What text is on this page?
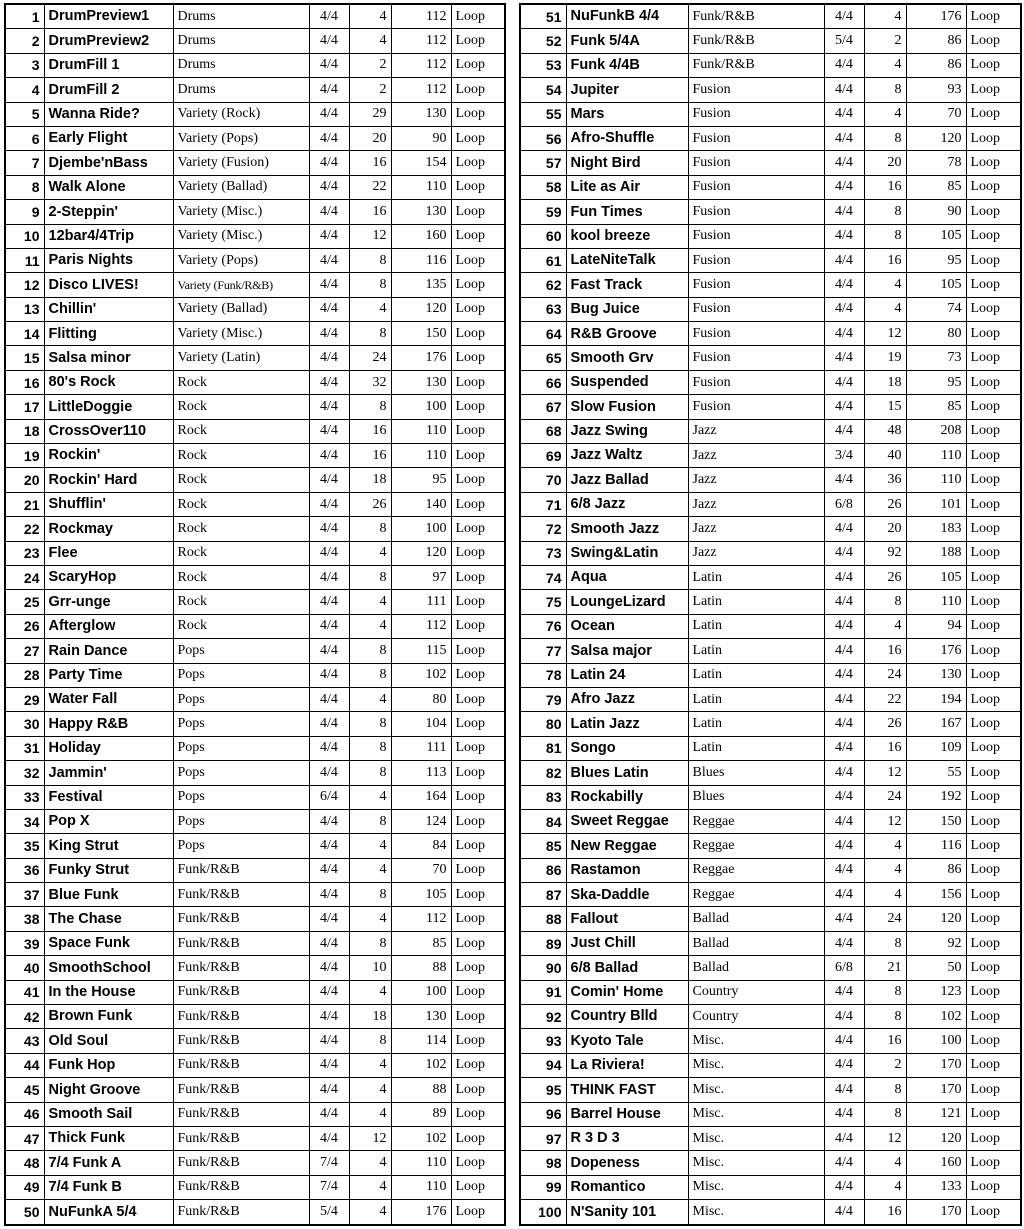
1	DrumPreview1	Drums	4/4	4	112	Loop
2	DrumPreview2	Drums	4/4	4	112	Loop
3	DrumFill 1	Drums	4/4	2	112	Loop
4	DrumFill 2	Drums	4/4	2	112	Loop
5	Wanna Ride?	Variety (Rock)	4/4	29	130	Loop
6	Early Flight	Variety (Pops)	4/4	20	90	Loop
7	Djembe'nBass	Variety (Fusion)	4/4	16	154	Loop
8	Walk Alone	Variety (Ballad)	4/4	22	110	Loop
9	2-Steppin'	Variety (Misc.)	4/4	16	130	Loop
10	12bar4/4Trip	Variety (Misc.)	4/4	12	160	Loop
11	Paris Nights	Variety (Pops)	4/4	8	116	Loop
12	Disco LIVES!	Variety (Funk/R&B)	4/4	8	135	Loop
13	Chillin'	Variety (Ballad)	4/4	4	120	Loop
14	Flitting	Variety (Misc.)	4/4	8	150	Loop
15	Salsa minor	Variety (Latin)	4/4	24	176	Loop
16	80's Rock	Rock	4/4	32	130	Loop
17	LittleDoggie	Rock	4/4	8	100	Loop
18	CrossOver110	Rock	4/4	16	110	Loop
19	Rockin'	Rock	4/4	16	110	Loop
20	Rockin' Hard	Rock	4/4	18	95	Loop
21	Shufflin'	Rock	4/4	26	140	Loop
22	Rockmay	Rock	4/4	8	100	Loop
23	Flee	Rock	4/4	4	120	Loop
24	ScaryHop	Rock	4/4	8	97	Loop
25	Grr-unge	Rock	4/4	4	111	Loop
26	Afterglow	Rock	4/4	4	112	Loop
27	Rain Dance	Pops	4/4	8	115	Loop
28	Party Time	Pops	4/4	8	102	Loop
29	Water Fall	Pops	4/4	4	80	Loop
30	Happy R&B	Pops	4/4	8	104	Loop
31	Holiday	Pops	4/4	8	111	Loop
32	Jammin'	Pops	4/4	8	113	Loop
33	Festival	Pops	6/4	4	164	Loop
34	Pop X	Pops	4/4	8	124	Loop
35	King Strut	Pops	4/4	4	84	Loop
36	Funky Strut	Funk/R&B	4/4	4	70	Loop
37	Blue Funk	Funk/R&B	4/4	8	105	Loop
38	The Chase	Funk/R&B	4/4	4	112	Loop
39	Space Funk	Funk/R&B	4/4	8	85	Loop
40	SmoothSchool	Funk/R&B	4/4	10	88	Loop
41	In the House	Funk/R&B	4/4	4	100	Loop
42	Brown Funk	Funk/R&B	4/4	18	130	Loop
43	Old Soul	Funk/R&B	4/4	8	114	Loop
44	Funk Hop	Funk/R&B	4/4	4	102	Loop
45	Night Groove	Funk/R&B	4/4	4	88	Loop
46	Smooth Sail	Funk/R&B	4/4	4	89	Loop
47	Thick Funk	Funk/R&B	4/4	12	102	Loop
48	7/4 Funk A	Funk/R&B	7/4	4	110	Loop
49	7/4 Funk B	Funk/R&B	7/4	4	110	Loop
50	NuFunkA 5/4	Funk/R&B	5/4	4	176	Loop
51	NuFunkB 4/4	Funk/R&B	4/4	4	176	Loop
52	Funk 5/4A	Funk/R&B	5/4	2	86	Loop
53	Funk 4/4B	Funk/R&B	4/4	4	86	Loop
54	Jupiter	Fusion	4/4	8	93	Loop
55	Mars	Fusion	4/4	4	70	Loop
56	Afro-Shuffle	Fusion	4/4	8	120	Loop
57	Night Bird	Fusion	4/4	20	78	Loop
58	Lite as Air	Fusion	4/4	16	85	Loop
59	Fun Times	Fusion	4/4	8	90	Loop
60	kool breeze	Fusion	4/4	8	105	Loop
61	LateNiteTalk	Fusion	4/4	16	95	Loop
62	Fast Track	Fusion	4/4	4	105	Loop
63	Bug Juice	Fusion	4/4	4	74	Loop
64	R&B Groove	Fusion	4/4	12	80	Loop
65	Smooth Grv	Fusion	4/4	19	73	Loop
66	Suspended	Fusion	4/4	18	95	Loop
67	Slow Fusion	Fusion	4/4	15	85	Loop
68	Jazz Swing	Jazz	4/4	48	208	Loop
69	Jazz Waltz	Jazz	3/4	40	110	Loop
70	Jazz Ballad	Jazz	4/4	36	110	Loop
71	6/8 Jazz	Jazz	6/8	26	101	Loop
72	Smooth Jazz	Jazz	4/4	20	183	Loop
73	Swing&Latin	Jazz	4/4	92	188	Loop
74	Aqua	Latin	4/4	26	105	Loop
75	LoungeLizard	Latin	4/4	8	110	Loop
76	Ocean	Latin	4/4	4	94	Loop
77	Salsa major	Latin	4/4	16	176	Loop
78	Latin 24	Latin	4/4	24	130	Loop
79	Afro Jazz	Latin	4/4	22	194	Loop
80	Latin Jazz	Latin	4/4	26	167	Loop
81	Songo	Latin	4/4	16	109	Loop
82	Blues Latin	Blues	4/4	12	55	Loop
83	Rockabilly	Blues	4/4	24	192	Loop
84	Sweet Reggae	Reggae	4/4	12	150	Loop
85	New Reggae	Reggae	4/4	4	116	Loop
86	Rastamon	Reggae	4/4	4	86	Loop
87	Ska-Daddle	Reggae	4/4	4	156	Loop
88	Fallout	Ballad	4/4	24	120	Loop
89	Just Chill	Ballad	4/4	8	92	Loop
90	6/8 Ballad	Ballad	6/8	21	50	Loop
91	Comin' Home	Country	4/4	8	123	Loop
92	Country Blld	Country	4/4	8	102	Loop
93	Kyoto Tale	Misc.	4/4	16	100	Loop
94	La Riviera!	Misc.	4/4	2	170	Loop
95	THINK FAST	Misc.	4/4	8	170	Loop
96	Barrel House	Misc.	4/4	8	121	Loop
97	R 3 D 3	Misc.	4/4	12	120	Loop
98	Dopeness	Misc.	4/4	4	160	Loop
99	Romantico	Misc.	4/4	4	133	Loop
100	N'Sanity 101	Misc.	4/4	16	170	Loop
